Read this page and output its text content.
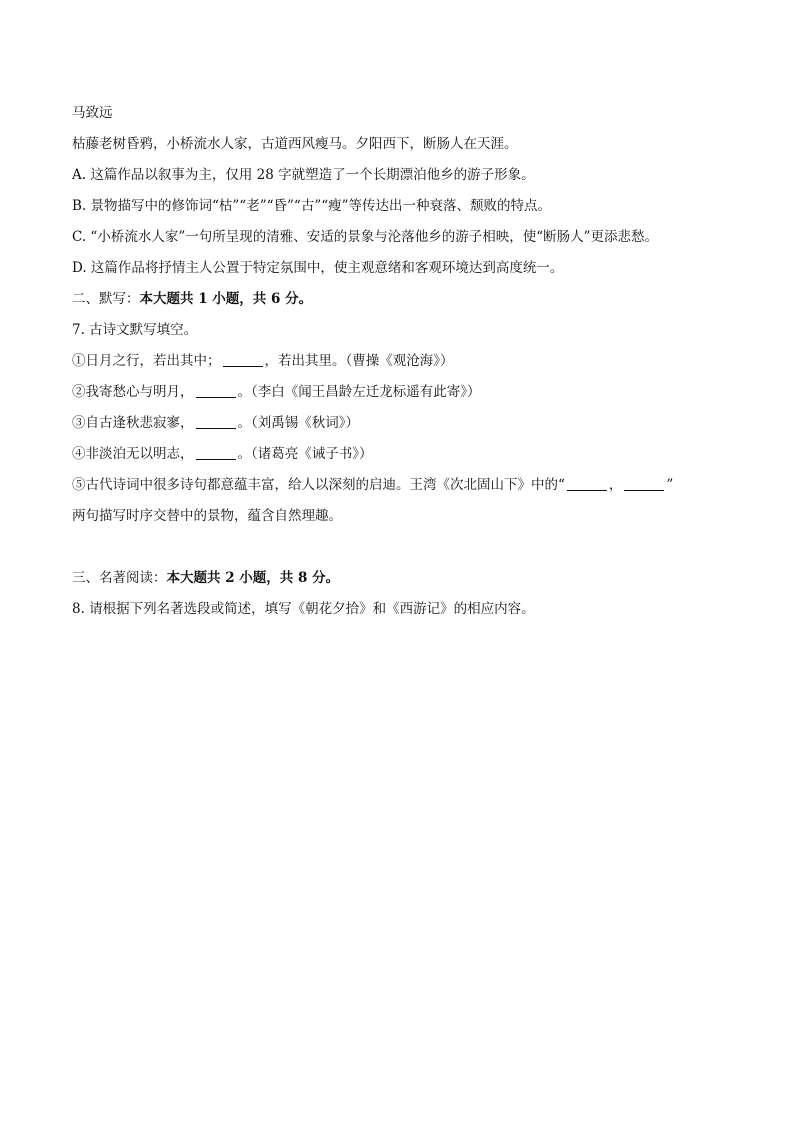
马致远
枯藤老树昏鸦，小桥流水人家，古道西风瘦马。夕阳西下，断肠人在天涯。
A. 这篇作品以叙事为主，仅用 28 字就塑造了一个长期漂泊他乡的游子形象。
B. 景物描写中的修饰词“枯”“老”“昏”“古”“瘦”等传达出一种衰落、颓败的特点。
C. “小桥流水人家”一句所呈现的清雅、安适的景象与沦落他乡的游子相映，使“断肠人”更添悲愁。
D. 这篇作品将抒情主人公置于特定氛围中，使主观意绪和客观环境达到高度统一。
二、默写：本大题共 1 小题，共 6 分。
7. 古诗文默写填空。
①日月之行，若出其中；	，若出其里。（曹操《观沧海》）
②我寄愁心与明月，	。（李白《闻王昌龄左迁龙标遥有此寄》）
③自古逢秋悲寂寥，	。（刘禹锡《秋词》）
④非淡泊无以明志，	。（诸葛亮《诫子书》）
⑤古代诗词中很多诗句都意蕴丰富，给人以深刻的启迪。王湾《次北固山下》中的“	，	”
两句描写时序交替中的景物，蕴含自然理趣。
三、名著阅读：本大题共 2 小题，共 8 分。
8. 请根据下列名著选段或简述，填写《朝花夕拾》和《西游记》的相应内容。
